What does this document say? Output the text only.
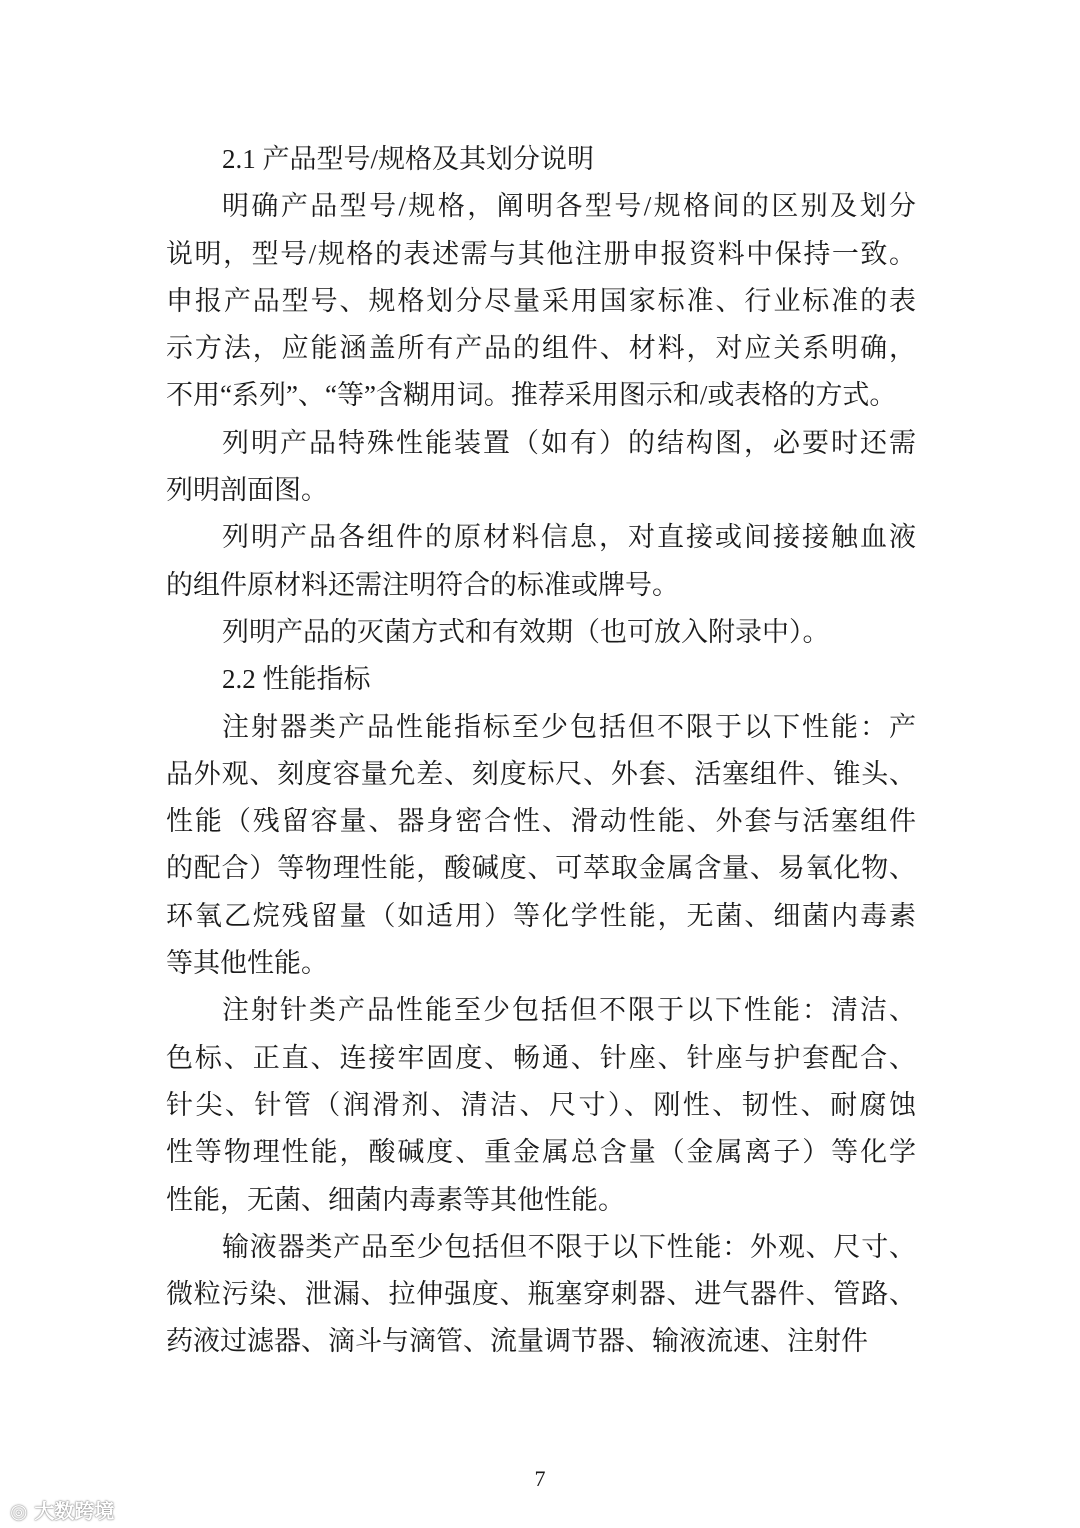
2.1 产品型号/规格及其划分说明
明确产品型号/规格，阐明各型号/规格间的区别及划分
说明，型号/规格的表述需与其他注册申报资料中保持一致。
申报产品型号、规格划分尽量采用国家标准、行业标准的表
示方法，应能涵盖所有产品的组件、材料，对应关系明确，
不用“系列”、“等”含糊用词。推荐采用图示和/或表格的方式。
列明产品特殊性能装置（如有）的结构图，必要时还需
列明剖面图。
列明产品各组件的原材料信息，对直接或间接接触血液
的组件原材料还需注明符合的标准或牌号。
列明产品的灭菌方式和有效期（也可放入附录中）。
2.2 性能指标
注射器类产品性能指标至少包括但不限于以下性能：产
品外观、刻度容量允差、刻度标尺、外套、活塞组件、锥头、
性能（残留容量、器身密合性、滑动性能、外套与活塞组件
的配合）等物理性能，酸碱度、可萃取金属含量、易氧化物、
环氧乙烷残留量（如适用）等化学性能，无菌、细菌内毒素
等其他性能。
注射针类产品性能至少包括但不限于以下性能：清洁、
色标、正直、连接牢固度、畅通、针座、针座与护套配合、
针尖、针管（润滑剂、清洁、尺寸）、刚性、韧性、耐腐蚀
性等物理性能，酸碱度、重金属总含量（金属离子）等化学
性能，无菌、细菌内毒素等其他性能。
输液器类产品至少包括但不限于以下性能：外观、尺寸、
微粒污染、泄漏、拉伸强度、瓶塞穿刺器、进气器件、管路、
药液过滤器、滴斗与滴管、流量调节器、输液流速、注射件
7
◎ 大数跨境
